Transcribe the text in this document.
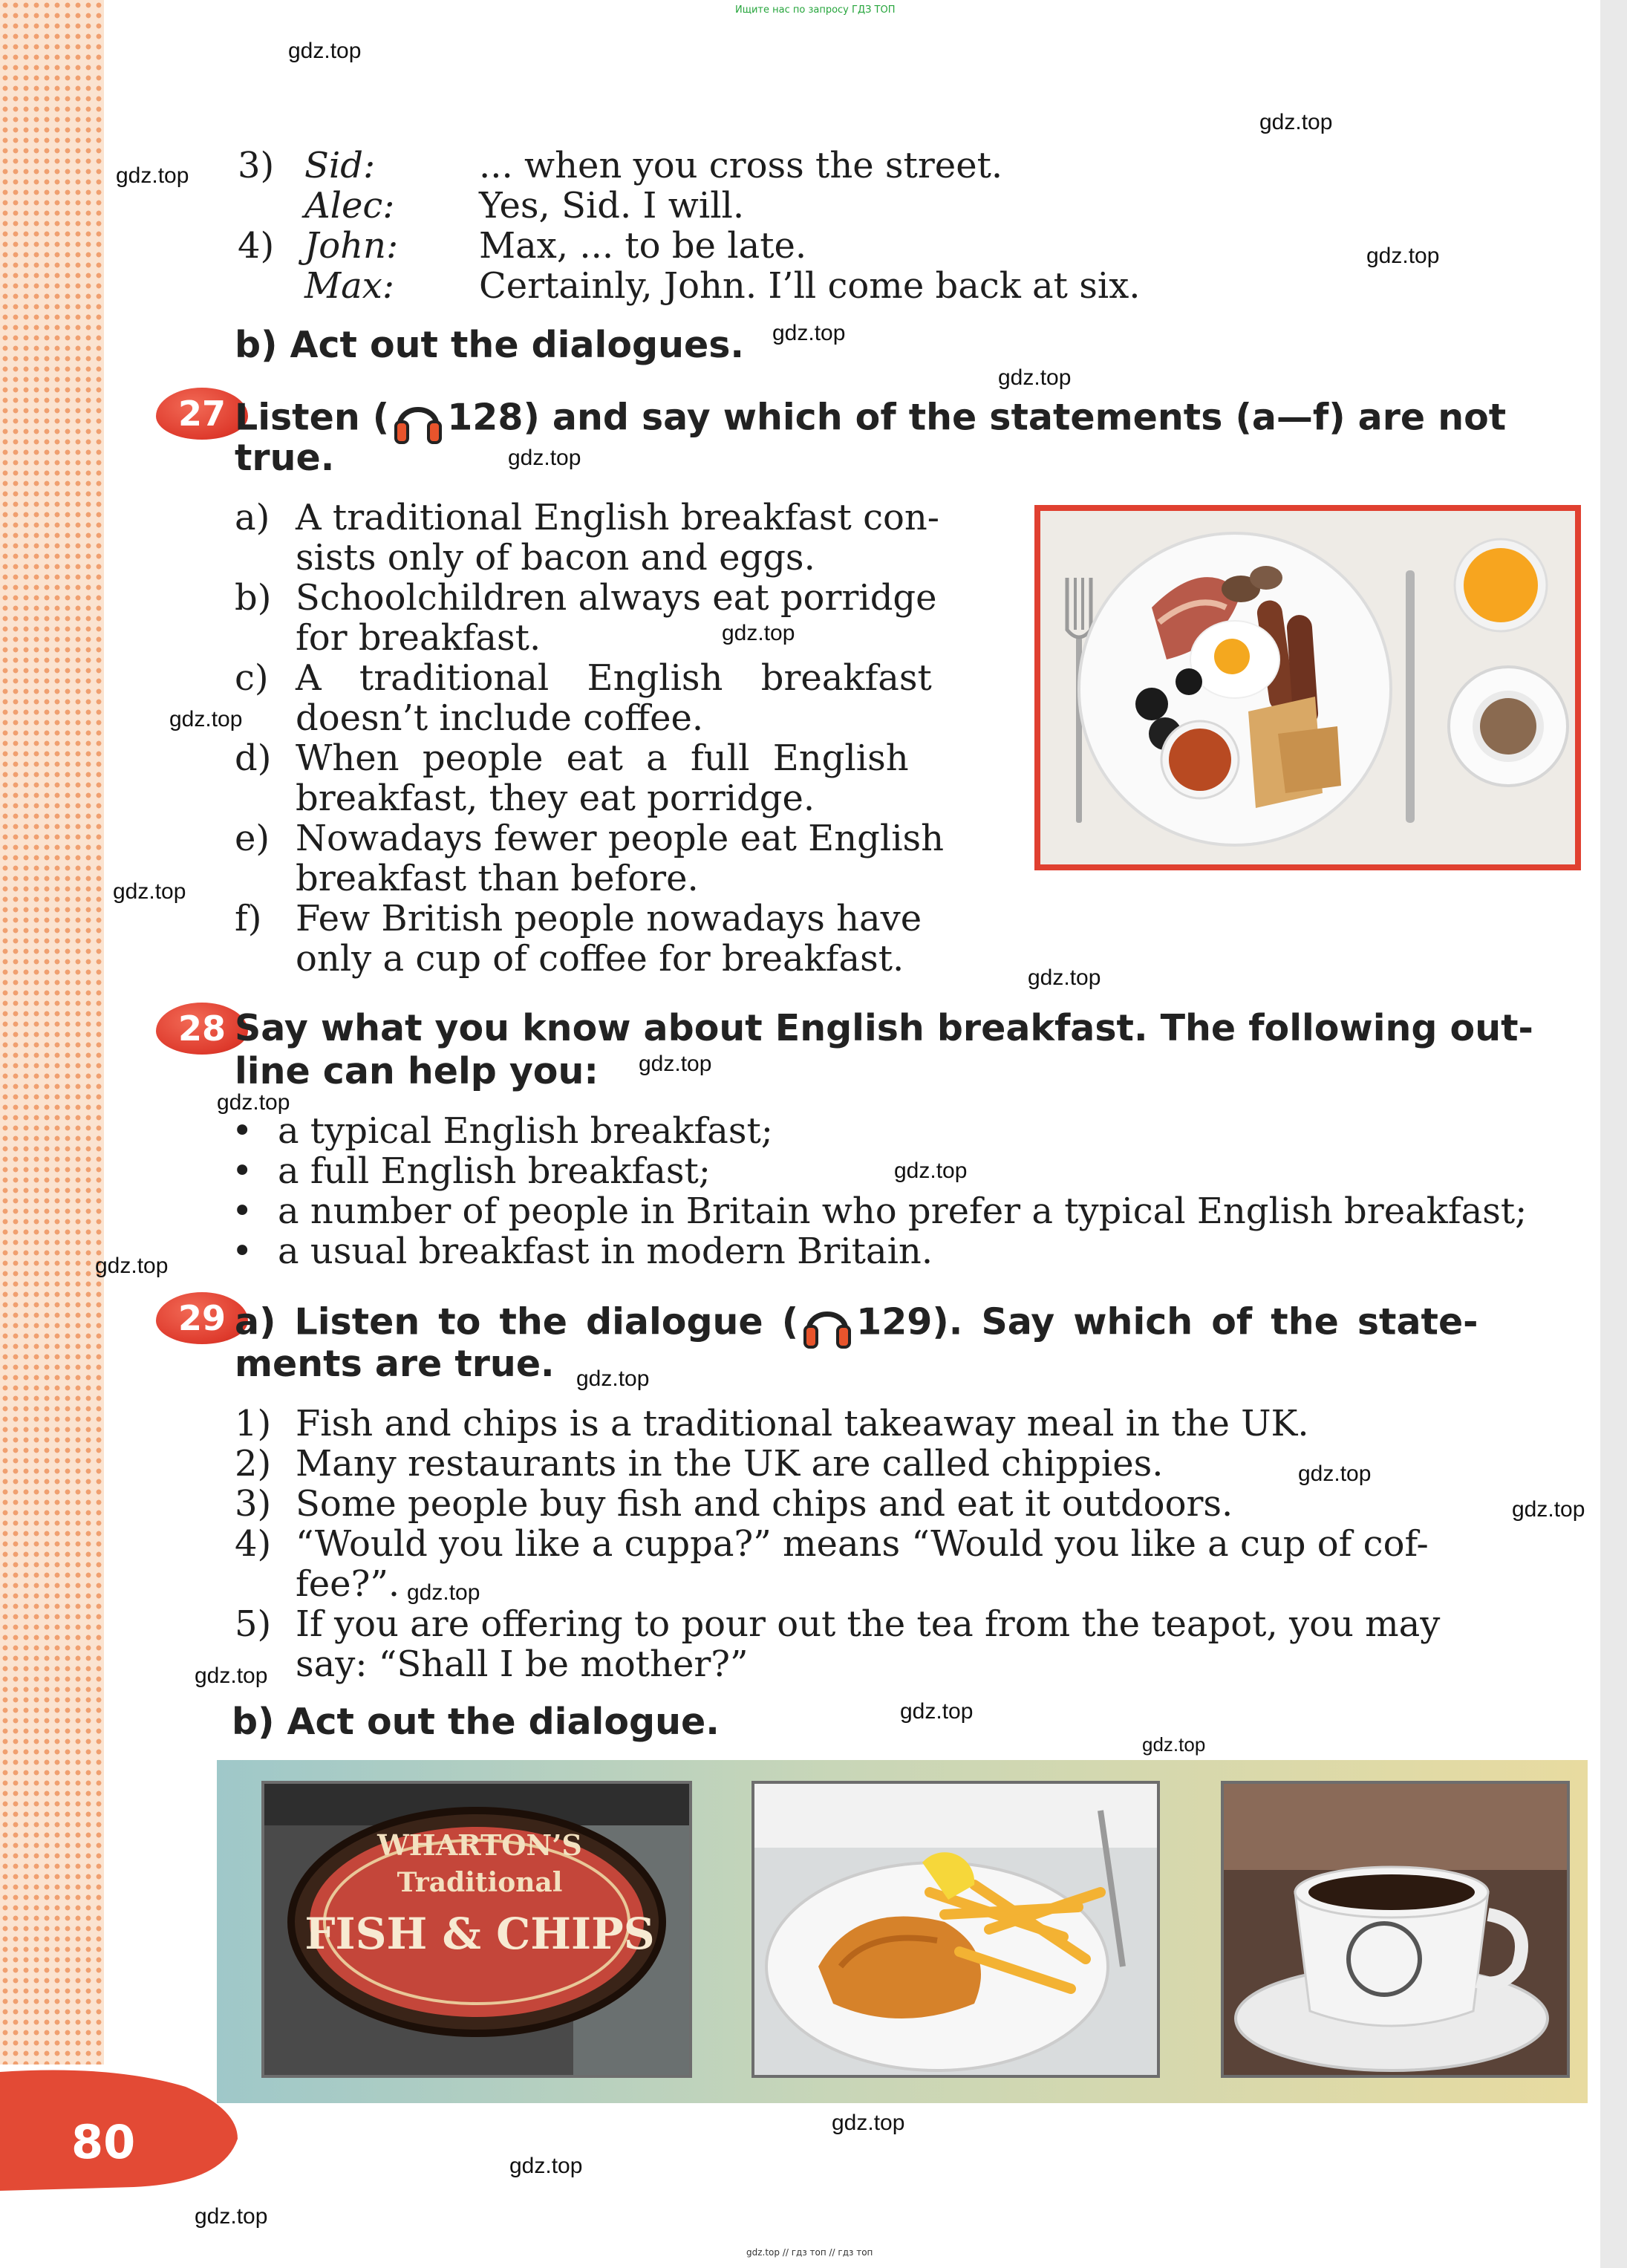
Ищите нас по запросу ГДЗ ТОП
gdz.top // гдз топ // гдз топ
gdz.top
gdz.top
gdz.top
gdz.top
gdz.top
gdz.top
gdz.top
gdz.top
gdz.top
gdz.top
gdz.top
gdz.top
gdz.top
gdz.top
gdz.top
gdz.top
gdz.top
gdz.top
gdz.top
gdz.top
gdz.top
gdz.top
gdz.top
gdz.top
gdz.top
3) Sid:	... when you cross the street.
Alec: Yes, Sid. I will.
4) John: Max, ... to be late.
Max: Certainly, John. I’ll come back at six.
b) Act out the dialogues.
27 Listen ( 128) and say which of the statements (a—f) are not
true.
a) A traditional English breakfast con-
sists only of bacon and eggs.
b) Schoolchildren always eat porridge
for breakfast.
c) A traditional English breakfast
doesn’t include coffee.
d) When people eat a full English
breakfast, they eat porridge.
e) Nowadays fewer people eat English
breakfast than before.
f) Few British people nowadays have
only a cup of coffee for breakfast.
28 Say what you know about English breakfast. The following out-
line can help you:
• a typical English breakfast;
• a full English breakfast;
• a number of people in Britain who prefer a typical English breakfast;
• a usual breakfast in modern Britain.
29 a) Listen to the dialogue ( 129). Say which of the state-
ments are true.
1) Fish and chips is a traditional takeaway meal in the UK.
2) Many restaurants in the UK are called chippies.
3) Some people buy fish and chips and eat it outdoors.
4) “Would you like a cuppa?” means “Would you like a cup of cof-
fee?”.
5) If you are offering to pour out the tea from the teapot, you may
say: “Shall I be mother?”
b) Act out the dialogue.
WHARTON’S
Traditional
FISH & CHIPS
80
